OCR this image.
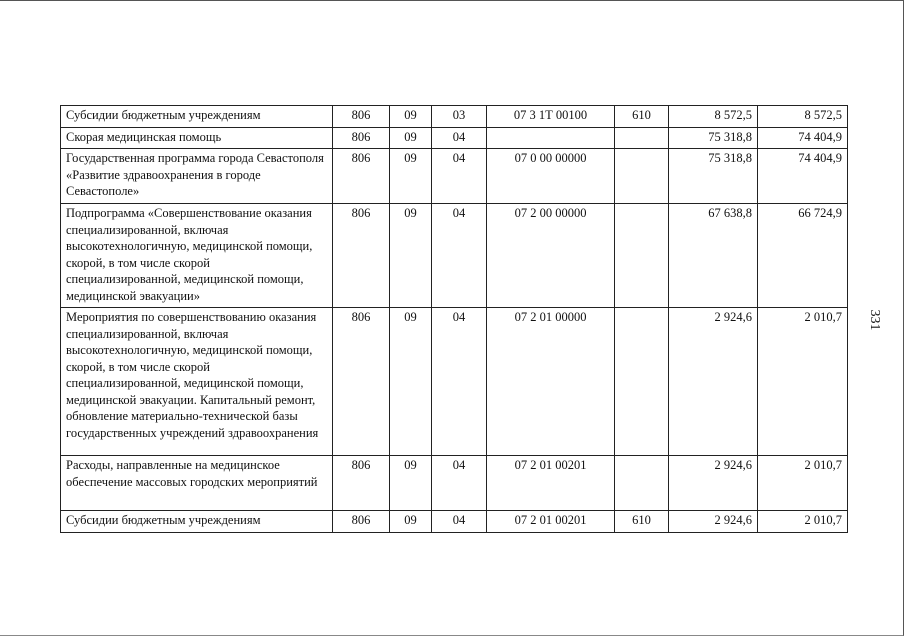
Субсидии бюджетным учреждениям	806	09	03	07 3 1Т 00100	610	8 572,5	8 572,5
Скорая медицинская помощь	806	09	04			75 318,8	74 404,9
Государственная программа города Севастополя «Развитие здравоохранения в городе Севастополе»	806	09	04	07 0 00 00000		75 318,8	74 404,9
Подпрограмма «Совершенствование оказания специализированной, включая высокотехнологичную, медицинской помощи, скорой, в том числе скорой специализированной, медицинской помощи, медицинской эвакуации»	806	09	04	07 2 00 00000		67 638,8	66 724,9
Мероприятия по совершенствованию оказания специализированной, включая высокотехнологичную, медицинской помощи, скорой, в том числе скорой специализированной, медицинской помощи, медицинской эвакуации. Капитальный ремонт, обновление материально-технической базы государственных учреждений здравоохранения	806	09	04	07 2 01 00000		2 924,6	2 010,7
Расходы, направленные на медицинское обеспечение массовых городских мероприятий	806	09	04	07 2 01 00201		2 924,6	2 010,7
Субсидии бюджетным учреждениям	806	09	04	07 2 01 00201	610	2 924,6	2 010,7
331
